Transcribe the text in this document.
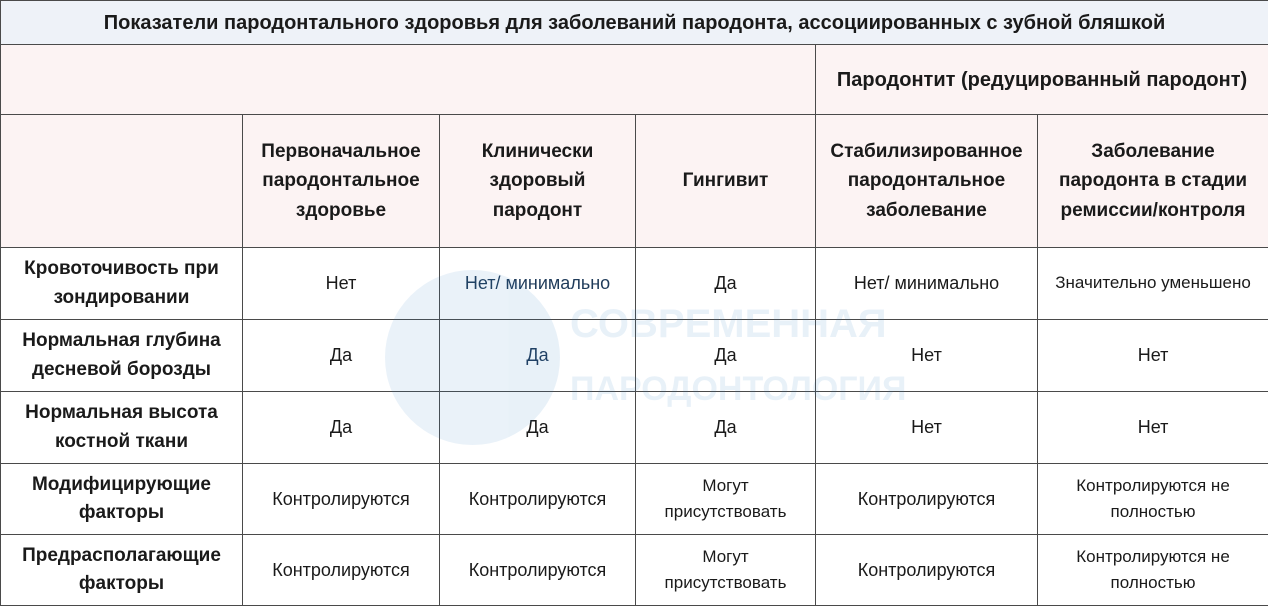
Показатели пародонтального здоровья для заболеваний пародонта, ассоциированных с зубной бляшкой					
				Пародонтит (редуцированный пародонт)	
	Первоначальное пародонтальное здоровье	Клинически здоровый пародонт	Гингивит	Стабилизированное пародонтальное заболевание	Заболевание пародонта в стадии ремиссии/контроля
Кровоточивость при зондировании	Нет	Нет/ минимально	Да	Нет/ минимально	Значительно уменьшено
Нормальная глубина десневой борозды	Да	Да	Да	Нет	Нет
Нормальная высота костной ткани	Да	Да	Да	Нет	Нет
Модифицирующие факторы	Контролируются	Контролируются	Могут присутствовать	Контролируются	Контролируются не полностью
Предрасполагающие факторы	Контролируются	Контролируются	Могут присутствовать	Контролируются	Контролируются не полностью
СОВРЕМЕННАЯ
ПАРОДОНТОЛОГИЯ
